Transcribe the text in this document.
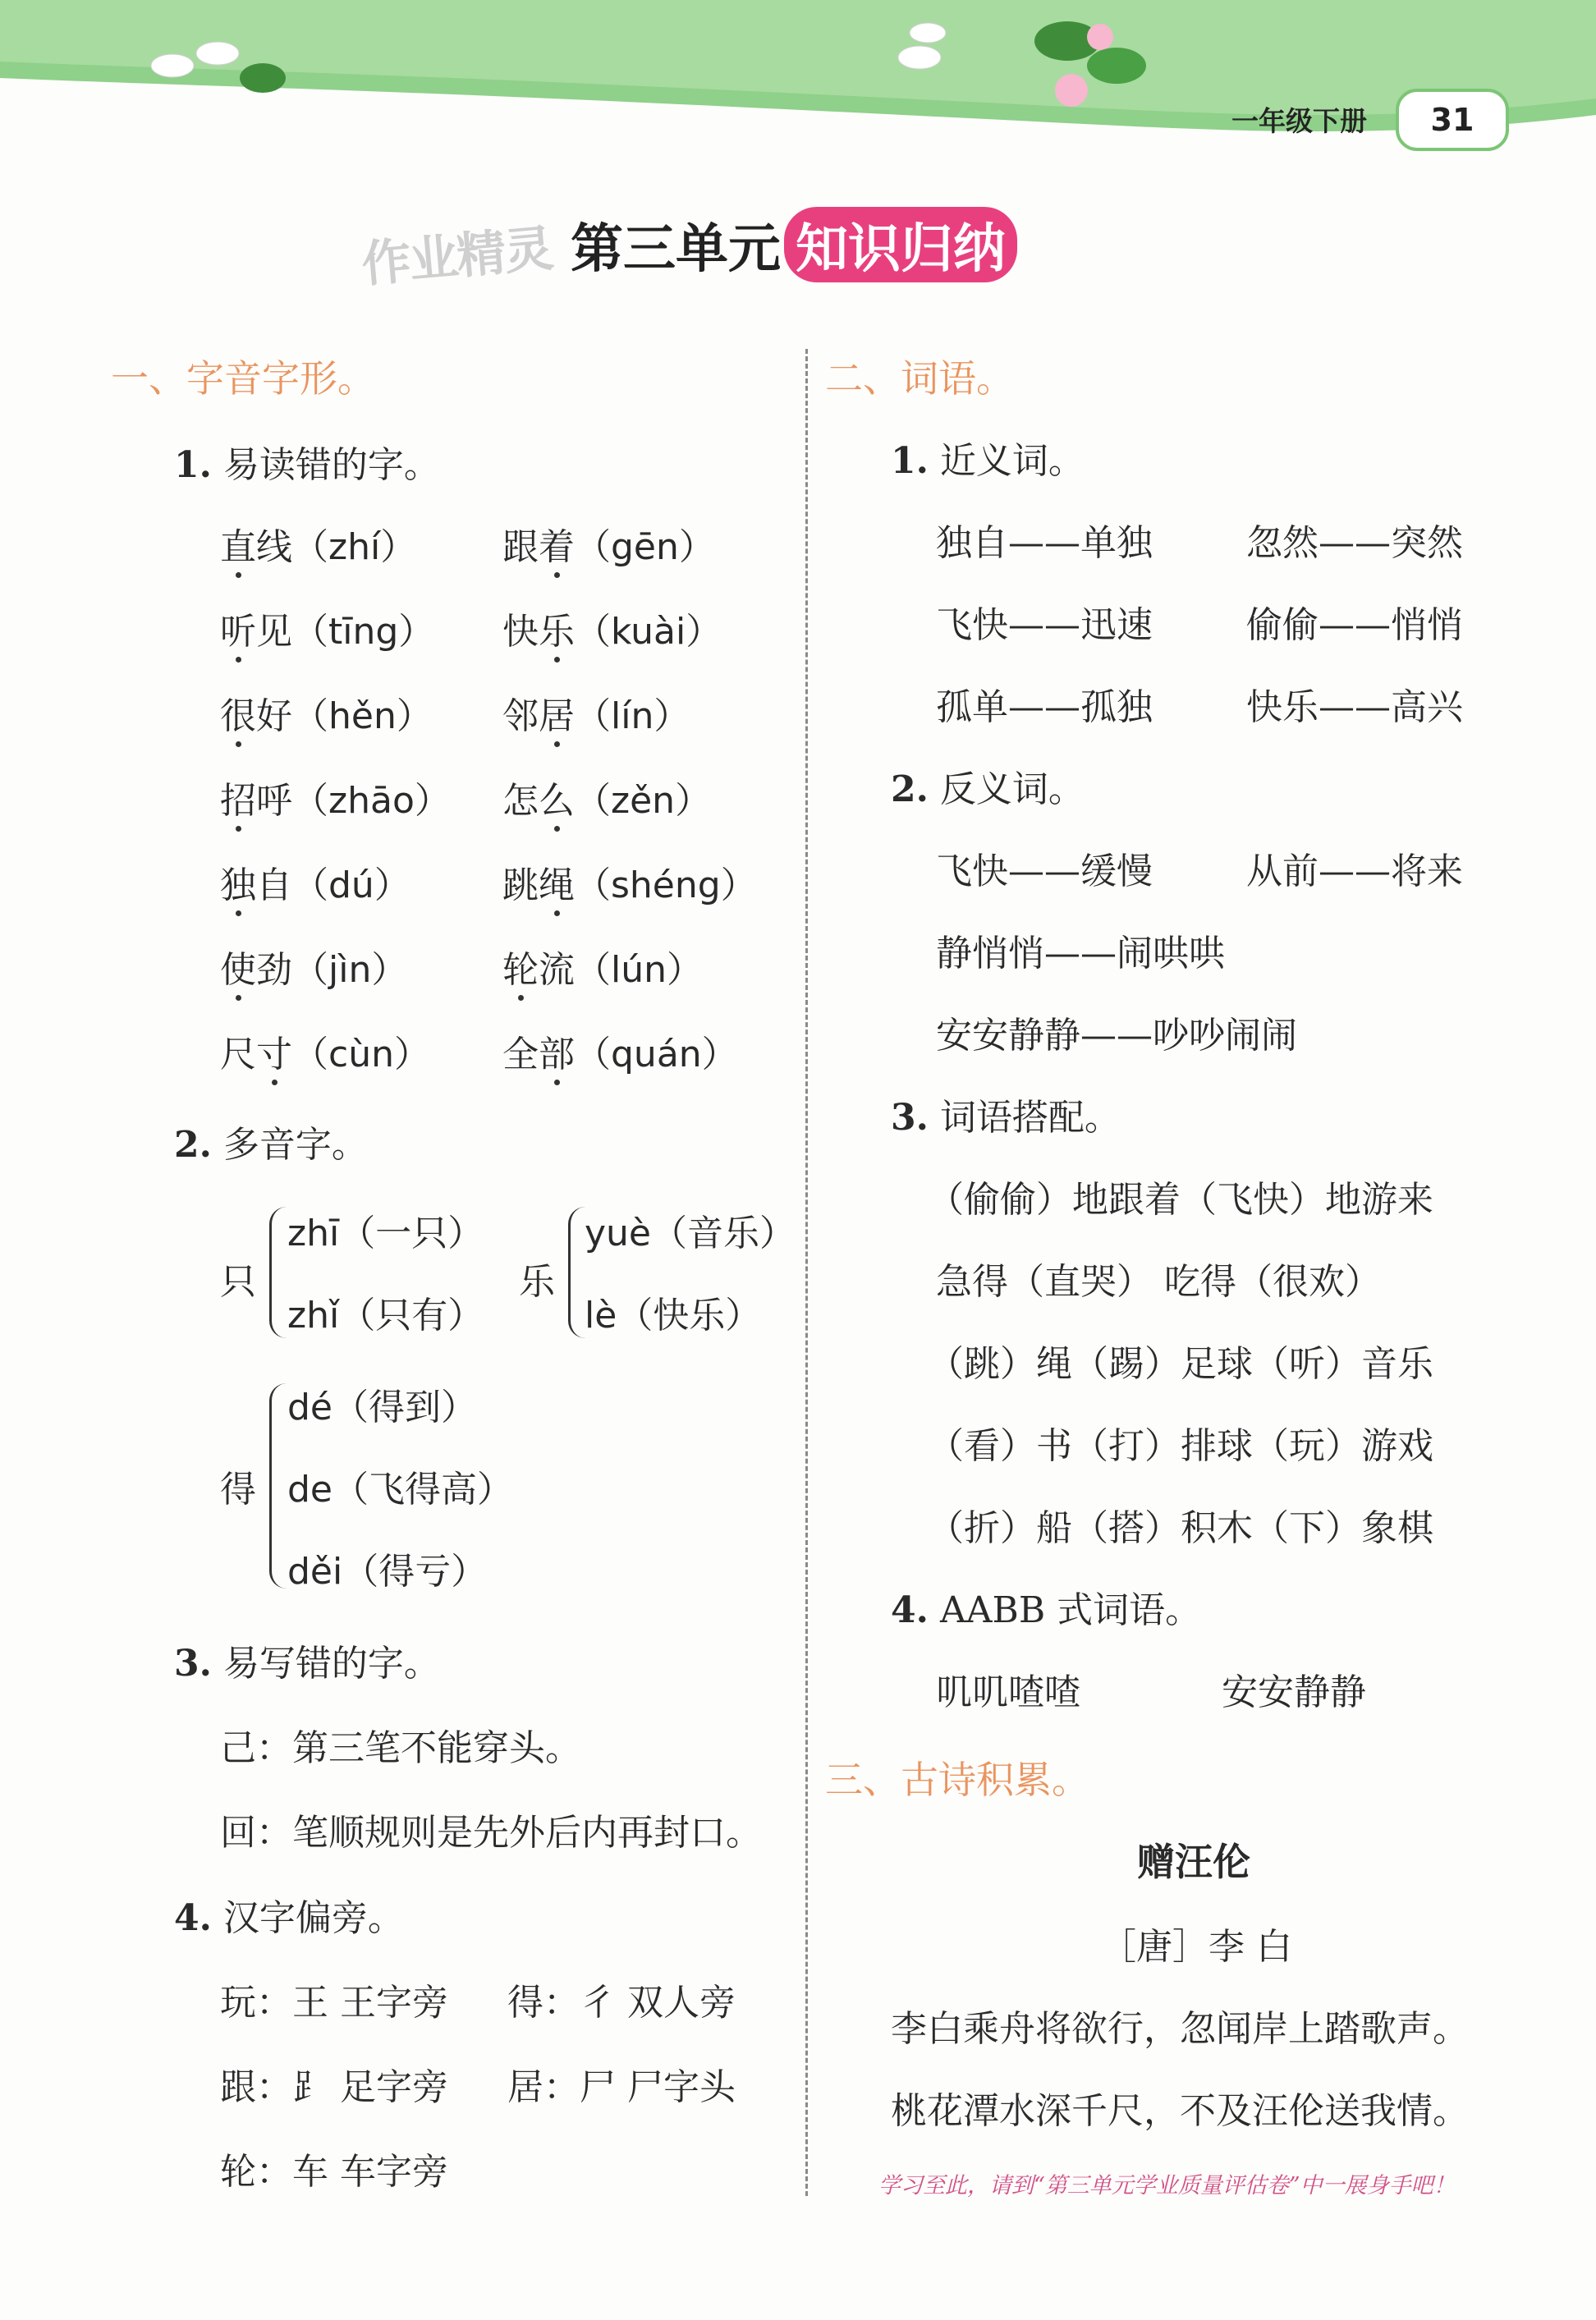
一年级下册	31
作业精灵 第三单元 知识归纳
一、字音字形。
1. 易读错的字。
直线（zhí） 跟着（gēn）
听见（tīng） 快乐（kuài）
很好（hěn） 邻居（lín）
招呼（zhāo） 怎么（zěn）
独自（dú）	跳绳（shéng）
使劲（jìn）	轮流（lún）
尺寸（cùn） 全部（quán）
2. 多音字。
只
zhī（一只）
zhǐ（只有）
乐
yuè（音乐）
lè（快乐）
得
dé（得到）
de（飞得高）
děi（得亏）
3. 易写错的字。
己：第三笔不能穿头。
回：笔顺规则是先外后内再封口。
4. 汉字偏旁。
玩：王 王字旁 得：彳 双人旁
跟：⻊ 足字旁 居：尸 尸字头
轮：车 车字旁
二、词语。
1. 近义词。
独自——单独	忽然——突然
飞快——迅速	偷偷——悄悄
孤单——孤独	快乐——高兴
2. 反义词。
飞快——缓慢	从前——将来
静悄悄——闹哄哄
安安静静——吵吵闹闹
3. 词语搭配。
（偷偷）地跟着（飞快）地游来
急得（直哭） 吃得（很欢）
（跳）绳（踢）足球（听）音乐
（看）书（打）排球（玩）游戏
（折）船（搭）积木（下）象棋
4. AABB 式词语。
叽叽喳喳	安安静静
三、古诗积累。
赠汪伦
［唐］李 白
李白乘舟将欲行，忽闻岸上踏歌声。
桃花潭水深千尺，不及汪伦送我情。
学习至此，请到“第三单元学业质量评估卷”中一展身手吧！
